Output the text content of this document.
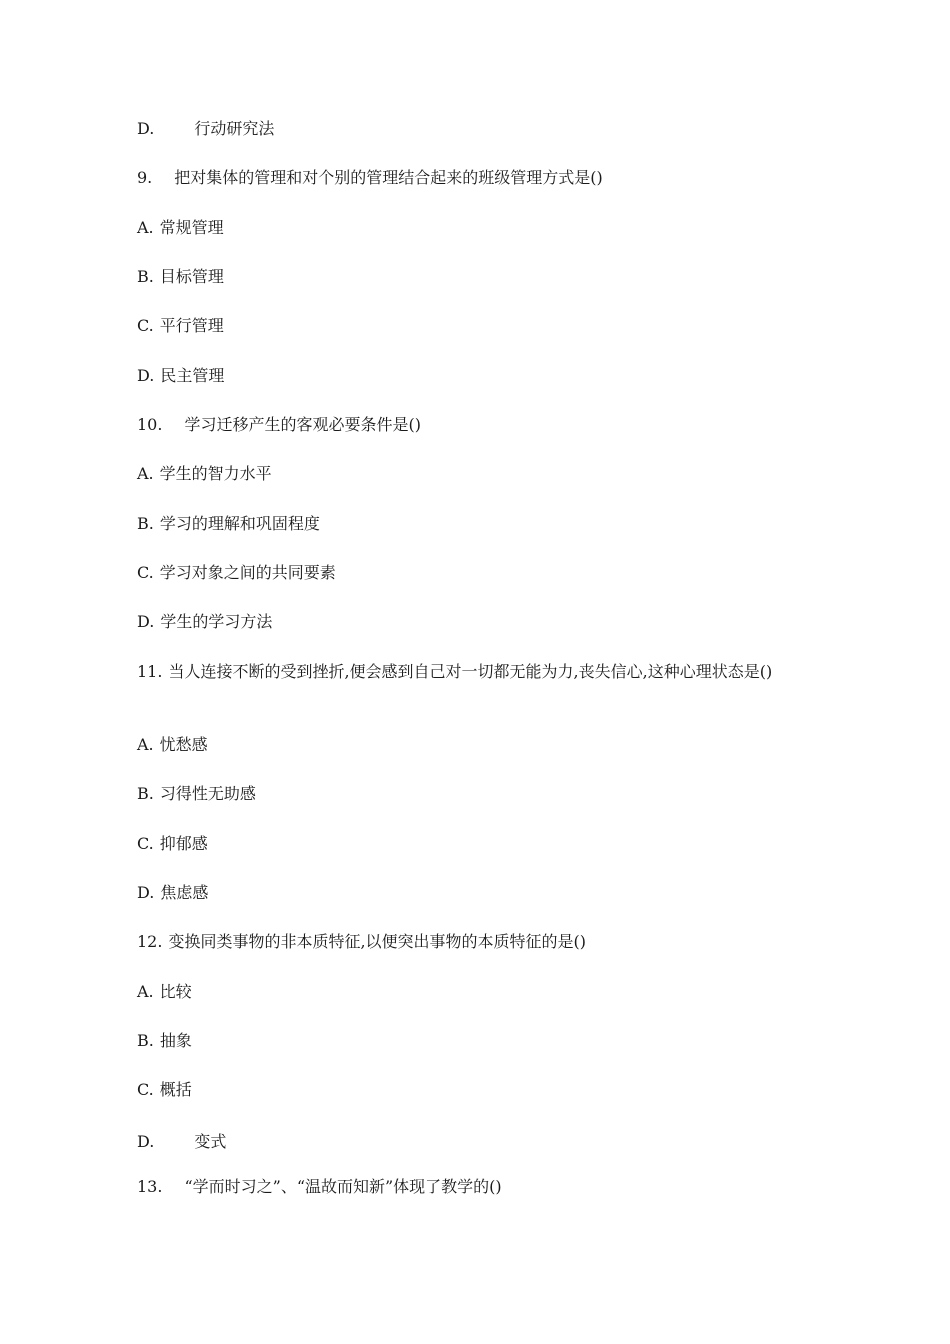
D.	行动研究法
9. 把对集体的管理和对个别的管理结合起来的班级管理方式是()
A. 常规管理
B. 目标管理
C. 平行管理
D. 民主管理
10. 学习迁移产生的客观必要条件是()
A. 学生的智力水平
B. 学习的理解和巩固程度
C. 学习对象之间的共同要素
D. 学生的学习方法
11. 当人连接不断的受到挫折,便会感到自己对一切都无能为力,丧失信心,这种心理状态是()
A. 忧愁感
B. 习得性无助感
C. 抑郁感
D. 焦虑感
12. 变换同类事物的非本质特征,以便突出事物的本质特征的是()
A. 比较
B. 抽象
C. 概括
D.	变式
13. “学而时习之”、“温故而知新”体现了教学的()
